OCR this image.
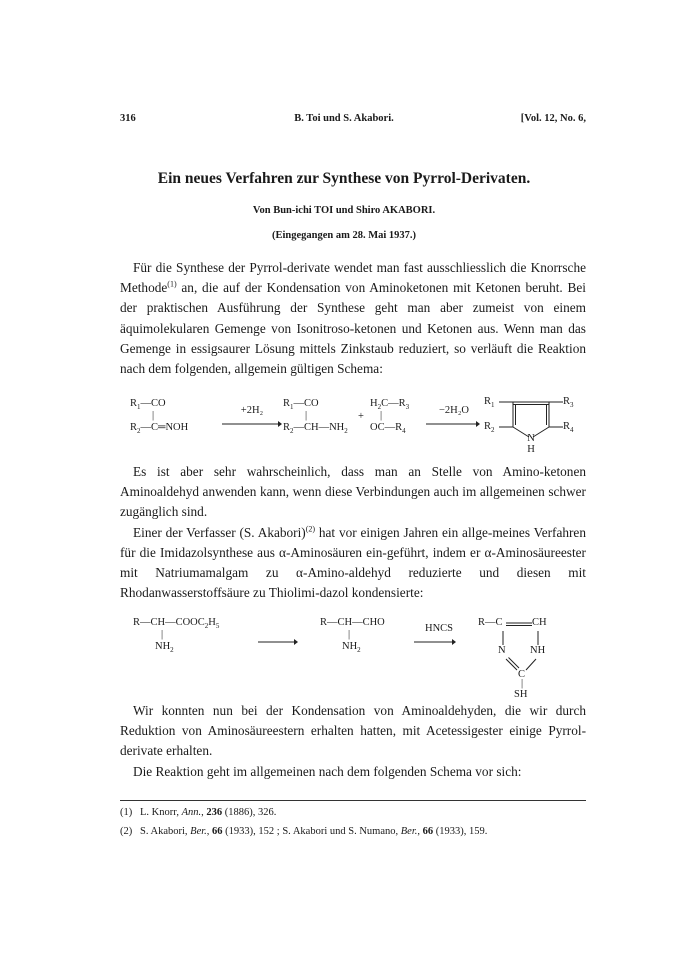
316	B. Toi und S. Akabori.	[Vol. 12, No. 6,
Ein neues Verfahren zur Synthese von Pyrrol-Derivaten.
Von Bun-ichi TOI und Shiro AKABORI.
(Eingegangen am 28. Mai 1937.)

Für die Synthese der Pyrrol-derivate wendet man fast ausschliesslich die Knorrsche Methode$^{(1)}$ an, die auf der Kondensation von Aminoketonen mit Ketonen beruht. Bei der praktischen Ausführung der Synthese geht man aber zumeist von einem äquimolekularen Gemenge von Isonitroso-ketonen und Ketonen aus. Wenn man das Gemenge in essigsaurer Lösung mittels Zinkstaub reduziert, so verläuft die Reaktion nach dem folgenden, allgemein gültigen Schema:

$R_1—CO$
|
$R_2—C═NOH$
+2H₂
$R_1—CO$
|
$R_2—CH—NH_2$
+
$H_2C—R_3$
|
$OC—R_4$
−2H₂O
$R_1$	$R_3$
$R_2$	$R_4$
N
H

Es ist aber sehr wahrscheinlich, dass man an Stelle von Amino-ketonen Aminoaldehyd anwenden kann, wenn diese Verbindungen auch im allgemeinen schwer zugänglich sind.

Einer der Verfasser (S. Akabori)$^{(2)}$ hat vor einigen Jahren ein allge-meines Verfahren für die Imidazolsynthese aus α-Aminosäuren ein-geführt, indem er α-Aminosäureester mit Natriumamalgam zu α-Amino-aldehyd reduzierte und diesen mit Rhodanwasserstoffsäure zu Thiolimi-dazol kondensierte:

$R—CH—COOC_2H_5$
|
$NH_2$
R—CH—CHO
|
$NH_2$
HNCS
R—C	CH
N NH
C
|
SH

Wir konnten nun bei der Kondensation von Aminoaldehyden, die wir durch Reduktion von Aminosäureestern erhalten hatten, mit Acetessigester einige Pyrrol-derivate erhalten.

Die Reaktion geht im allgemeinen nach dem folgenden Schema vor sich:

(1) L. Knorr, Ann., 236 (1886), 326.

(2) S. Akabori, Ber., 66 (1933), 152 ; S. Akabori und S. Numano, Ber., 66 (1933), 159.
